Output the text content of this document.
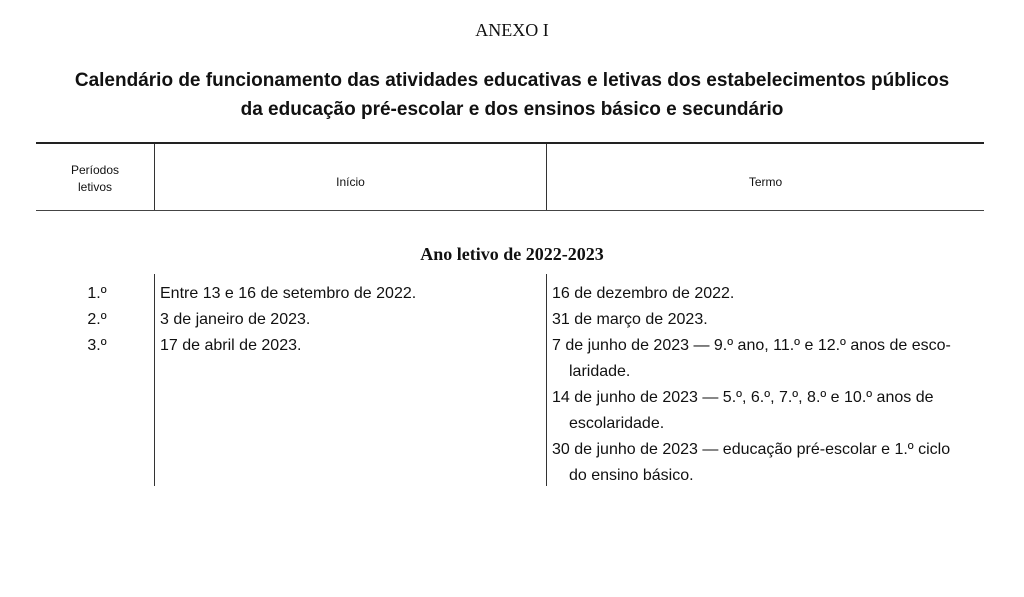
ANEXO I
Calendário de funcionamento das atividades educativas e letivas dos estabelecimentos públicos
da educação pré-escolar e dos ensinos básico e secundário
Períodos
letivos	Início	Termo
Ano letivo de 2022-2023
1.º	Entre 13 e 16 de setembro de 2022.	16 de dezembro de 2022.
2.º	3 de janeiro de 2023.	31 de março de 2023.
3.º	17 de abril de 2023.	7 de junho de 2023 — 9.º ano, 11.º e 12.º anos de esco-
laridade.
14 de junho de 2023 — 5.º, 6.º, 7.º, 8.º e 10.º anos de
escolaridade.
30 de junho de 2023 — educação pré-escolar e 1.º ciclo
do ensino básico.
